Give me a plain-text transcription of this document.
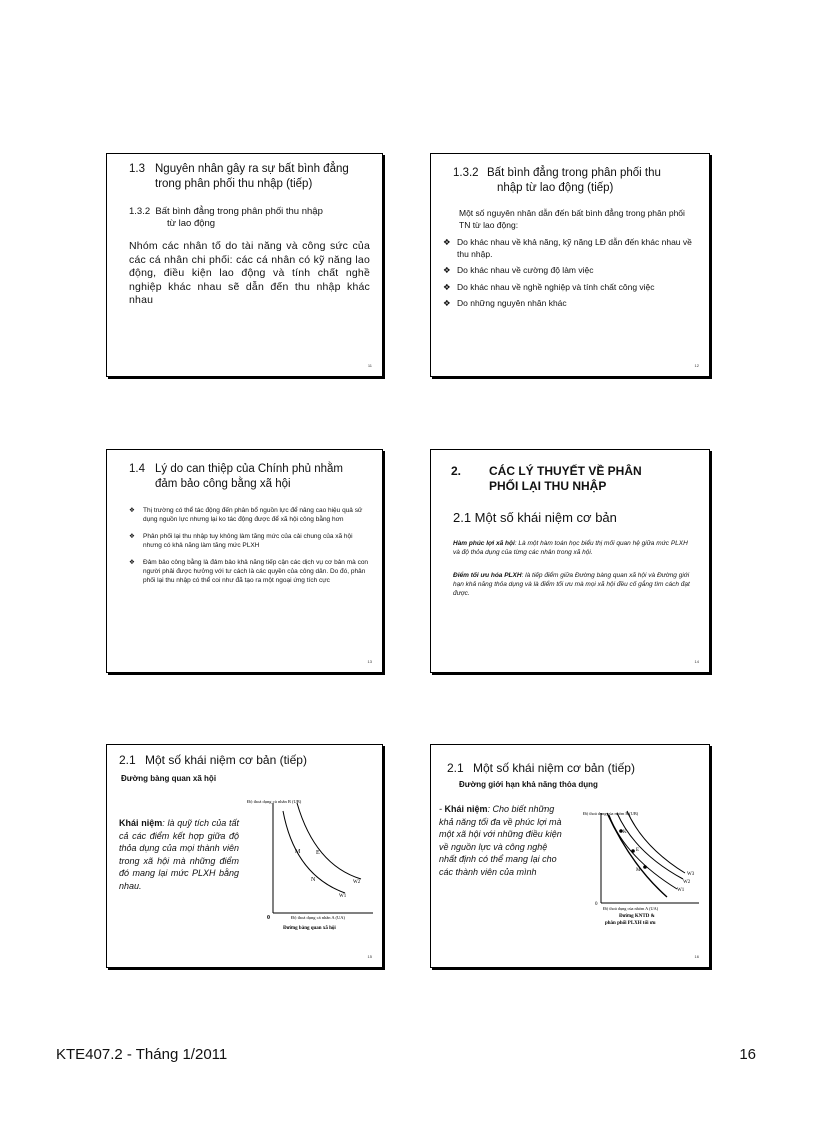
1.3 Nguyên nhân gây ra sự bất bình đẳng
trong phân phối thu nhập (tiếp)
1.3.2 Bất bình đẳng trong phân phối thu nhập
từ lao động
Nhóm các nhân tố do tài năng và công sức của các cá nhân chi phối: các cá nhân có kỹ năng lao động, điều kiện lao động và tính chất nghề nghiệp khác nhau sẽ dẫn đến thu nhập khác nhau
11
1.3.2 Bất bình đẳng trong phân phối thu
nhập từ lao động (tiếp)
Một số nguyên nhân dẫn đến bất bình đẳng trong phân phối TN từ lao động:
❖ Do khác nhau về khả năng, kỹ năng LĐ dẫn đến khác nhau về thu nhập.
❖ Do khác nhau về cường độ làm việc
❖ Do khác nhau về nghề nghiệp và tính chất công việc
❖ Do những nguyên nhân khác
12
1.4 Lý do can thiệp của Chính phủ nhằm
đảm bảo công bằng xã hội
❖ Thị trường có thể tác động đến phân bổ nguồn lực để nâng cao hiệu quả sử dụng nguồn lực nhưng lại ko tác động được để xã hội công bằng hơn
❖ Phân phối lại thu nhập tuy không làm tăng mức của cải chung của xã hội nhưng có khả năng làm tăng mức PLXH
❖ Đảm bảo công bằng là đảm bảo khả năng tiếp cận các dịch vụ cơ bản mà con người phải được hưởng với tư cách là các quyền của công dân. Do đó, phân phối lại thu nhập có thể coi như đã tạo ra một ngoại ứng tích cực
13
2. CÁC LÝ THUYẾT VỀ PHÂN
PHỐI LẠI THU NHẬP
2.1 Một số khái niệm cơ bản
Hàm phúc lợi xã hội: Là một hàm toán học biểu thị mối quan hệ giữa mức PLXH và độ thỏa dụng của từng các nhân trong xã hội.
Điểm tối ưu hóa PLXH: là tiếp điểm giữa Đường bàng quan xã hội và Đường giới hạn khả năng thỏa dụng và là điểm tối ưu mà mọi xã hội đều cố gắng tìm cách đạt được.
14
2.1 Một số khái niệm cơ bản (tiếp)
Đường bàng quan xã hội
Khái niệm: là quỹ tích của tất cả các điểm kết hợp giữa độ thỏa dụng của mọi thành viên trong xã hội mà những điểm đó mang lại mức PLXH bằng nhau.
Độ thoả dụng củ nhân B (UB)
M	E
N	W2
W1
0	Độ thoả dụng cá nhân A (UA)
Đường bàng quan xã hội
15
2.1 Một số khái niệm cơ bản (tiếp)
Đường giới hạn khả năng thỏa dụng
- Khái niệm: Cho biết những khả năng tối đa về phúc lợi mà một xã hội với những điều kiện về nguồn lực và công nghệ nhất định có thể mang lại cho các thành viên của mình
Độ thoả dụng của nhóm B (UB)
K
E
M
W3
W2
W1
0
Độ thoả dụng của nhóm A (UA)
Đường KNTD &
phân phối PLXH tối ưu
16
KTE407.2 - Tháng 1/2011	16
